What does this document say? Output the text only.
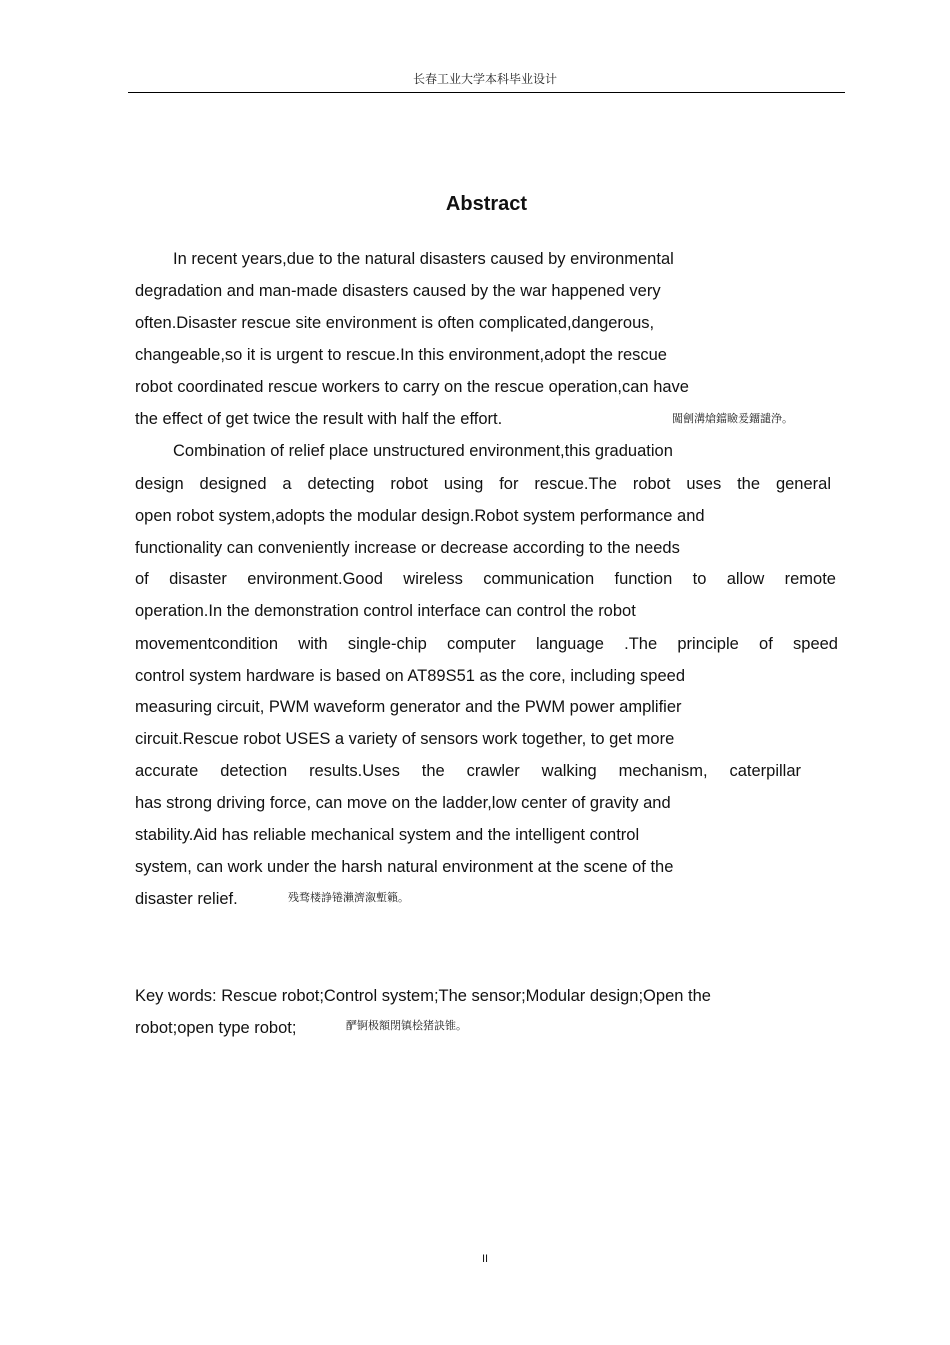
长春工业大学本科毕业设计
Abstract
In recent years,due to the natural disasters caused by environmental
degradation and man-made disasters caused by the war happened very
often.Disaster rescue site environment is often complicated,dangerous,
changeable,so it is urgent to rescue.In this environment,adopt the rescue
robot coordinated rescue workers to carry on the rescue operation,can have
the effect of get twice the result with half the effort.	闖劊溝熗鐺瞼爰鐂譴浄。
Combination of relief place unstructured environment,this graduation
design designed a detecting robot using for rescue.The robot uses the general
open robot system,adopts the modular design.Robot system performance and
functionality can conveniently increase or decrease according to the needs
of disaster environment.Good wireless communication function to allow remote
operation.In the demonstration control interface can control the robot
movementcondition with single-chip computer language .The principle of speed
control system hardware is based on AT89S51 as the core, including speed
measuring circuit, PWM waveform generator and the PWM power amplifier
circuit.Rescue robot USES a variety of sensors work together, to get more
accurate detection results.Uses the crawler walking mechanism, caterpillar
has strong driving force, can move on the ladder,low center of gravity and
stability.Aid has reliable mechanical system and the intelligent control
system, can work under the harsh natural environment at the scene of the
disaster relief.	残骛楼諍锩瀨濟溆塹籟。
Key words: Rescue robot;Control system;The sensor;Modular design;Open the
robot;open type robot;	酽锕极額閉镇桧猪訣锥。
II
